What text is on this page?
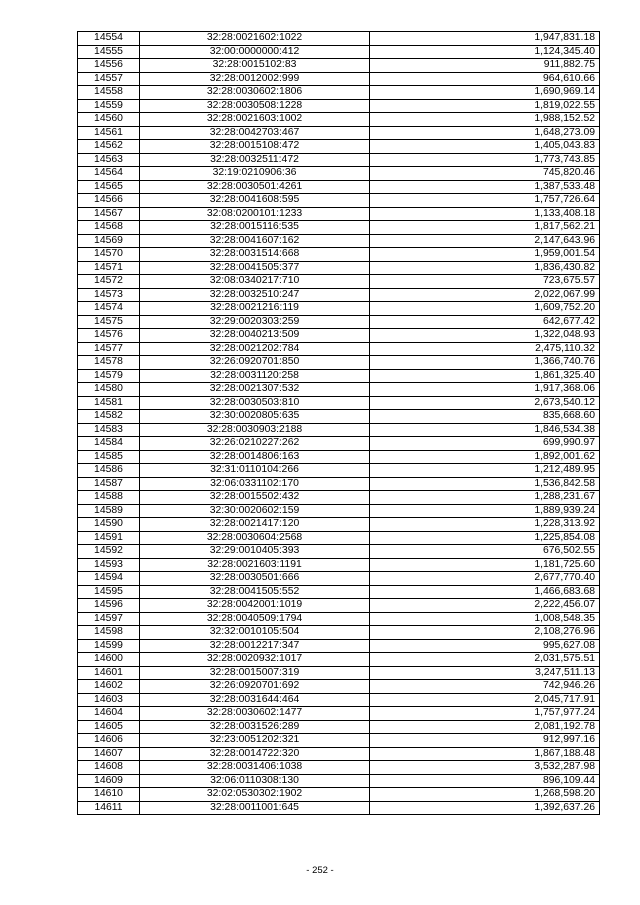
14554	32:28:0021602:1022	1,947,831.18
14555	32:00:0000000:412	1,124,345.40
14556	32:28:0015102:83	911,882.75
14557	32:28:0012002:999	964,610.66
14558	32:28:0030602:1806	1,690,969.14
14559	32:28:0030508:1228	1,819,022.55
14560	32:28:0021603:1002	1,988,152.52
14561	32:28:0042703:467	1,648,273.09
14562	32:28:0015108:472	1,405,043.83
14563	32:28:0032511:472	1,773,743.85
14564	32:19:0210906:36	745,820.46
14565	32:28:0030501:4261	1,387,533.48
14566	32:28:0041608:595	1,757,726.64
14567	32:08:0200101:1233	1,133,408.18
14568	32:28:0015116:535	1,817,562.21
14569	32:28:0041607:162	2,147,643.96
14570	32:28:0031514:668	1,959,001.54
14571	32:28:0041505:377	1,836,430.82
14572	32:08:0340217:710	723,675.57
14573	32:28:0032510:247	2,022,067.99
14574	32:28:0021216:119	1,609,752.20
14575	32:29:0020303:259	642,677.42
14576	32:28:0040213:509	1,322,048.93
14577	32:28:0021202:784	2,475,110.32
14578	32:26:0920701:850	1,366,740.76
14579	32:28:0031120:258	1,861,325.40
14580	32:28:0021307:532	1,917,368.06
14581	32:28:0030503:810	2,673,540.12
14582	32:30:0020805:635	835,668.60
14583	32:28:0030903:2188	1,846,534.38
14584	32:26:0210227:262	699,990.97
14585	32:28:0014806:163	1,892,001.62
14586	32:31:0110104:266	1,212,489.95
14587	32:06:0331102:170	1,536,842.58
14588	32:28:0015502:432	1,288,231.67
14589	32:30:0020602:159	1,889,939.24
14590	32:28:0021417:120	1,228,313.92
14591	32:28:0030604:2568	1,225,854.08
14592	32:29:0010405:393	676,502.55
14593	32:28:0021603:1191	1,181,725.60
14594	32:28:0030501:666	2,677,770.40
14595	32:28:0041505:552	1,466,683.68
14596	32:28:0042001:1019	2,222,456.07
14597	32:28:0040509:1794	1,008,548.35
14598	32:32:0010105:504	2,108,276.96
14599	32:28:0012217:347	995,627.08
14600	32:28:0020932:1017	2,031,575.51
14601	32:28:0015007:319	3,247,511.13
14602	32:26:0920701:692	742,946.26
14603	32:28:0031644:464	2,045,717.91
14604	32:28:0030602:1477	1,757,977.24
14605	32:28:0031526:289	2,081,192.78
14606	32:23:0051202:321	912,997.16
14607	32:28:0014722:320	1,867,188.48
14608	32:28:0031406:1038	3,532,287.98
14609	32:06:0110308:130	896,109.44
14610	32:02:0530302:1902	1,268,598.20
14611	32:28:0011001:645	1,392,637.26
- 252 -
